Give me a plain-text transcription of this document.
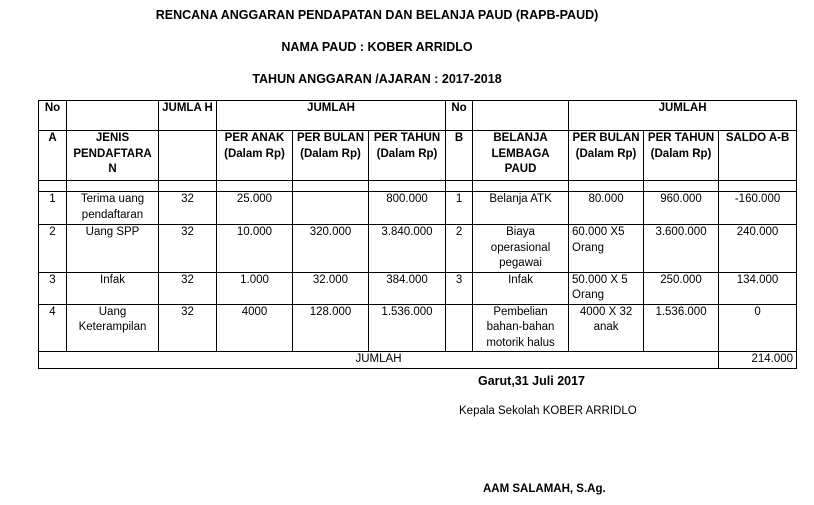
RENCANA ANGGARAN PENDAPATAN DAN BELANJA PAUD (RAPB-PAUD)
NAMA PAUD : KOBER ARRIDLO
TAHUN ANGGARAN /AJARAN : 2017-2018
No		JUMLA H	JUMLAH			No		JUMLAH		
A	JENIS PENDAFTARA N		PER ANAK (Dalam Rp)	PER BULAN (Dalam Rp)	PER TAHUN (Dalam Rp)	B	BELANJA LEMBAGA PAUD	PER BULAN (Dalam Rp)	PER TAHUN (Dalam Rp)	SALDO A-B

1	Terima uang pendaftaran	32	25.000		800.000	1	Belanja ATK	80.000	960.000	-160.000
2	Uang SPP	32	10.000	320.000	3.840.000	2	Biaya operasional pegawai	60.000 X5 Orang	3.600.000	240.000
3	Infak	32	1.000	32.000	384.000	3	Infak	50.000 X 5 Orang	250.000	134.000
4	Uang Keterampilan	32	4000	128.000	1.536.000		Pembelian bahan-bahan motorik halus	4000 X 32 anak	1.536.000	0
JUMLAH										214.000
Garut,31 Juli 2017
Kepala Sekolah KOBER ARRIDLO
AAM SALAMAH, S.Ag.
